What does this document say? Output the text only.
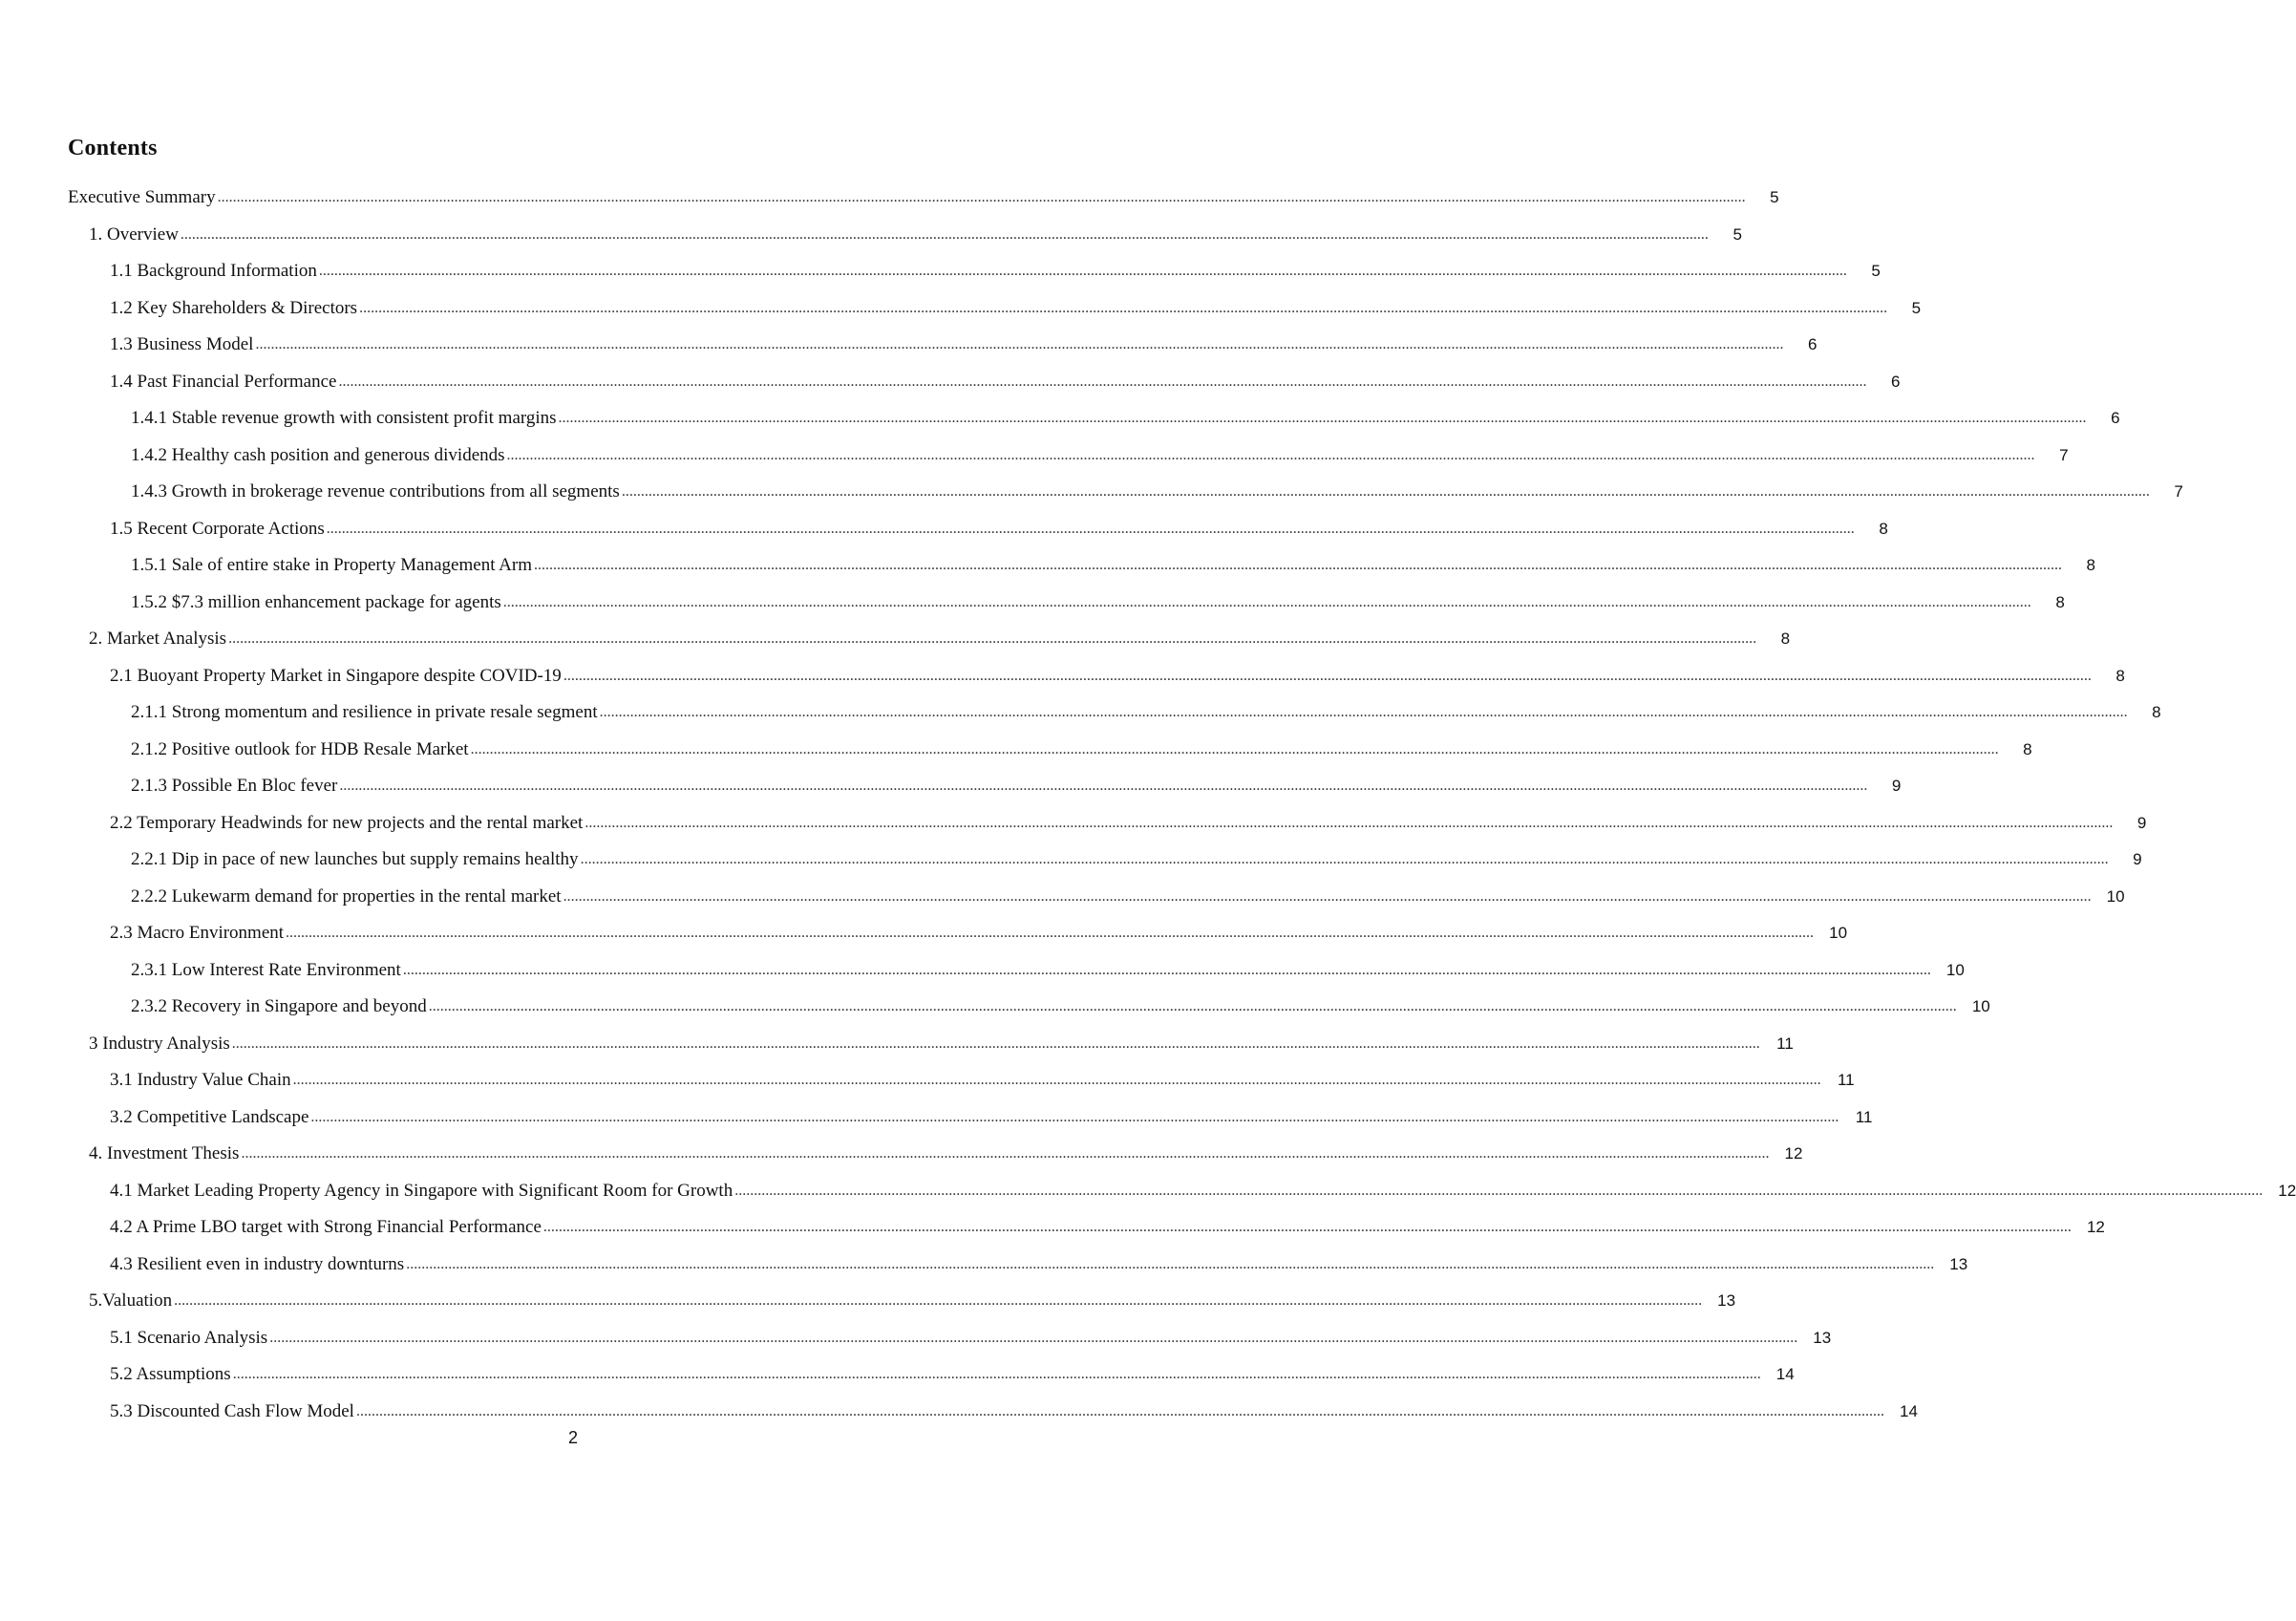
Contents
Executive Summary ................................................................................................................................................................................................................................................................................................................................................................................................................	5
1. Overview ................................................................................................................................................................................................................................................................................................................................................................................................................	5
1.1 Background Information ................................................................................................................................................................................................................................................................................................................................................................................................................	5
1.2 Key Shareholders & Directors ................................................................................................................................................................................................................................................................................................................................................................................................................	5
1.3 Business Model ................................................................................................................................................................................................................................................................................................................................................................................................................	6
1.4 Past Financial Performance ................................................................................................................................................................................................................................................................................................................................................................................................................	6
1.4.1 Stable revenue growth with consistent profit margins ................................................................................................................................................................................................................................................................................................................................................................................................................	6
1.4.2 Healthy cash position and generous dividends ................................................................................................................................................................................................................................................................................................................................................................................................................	7
1.4.3 Growth in brokerage revenue contributions from all segments ................................................................................................................................................................................................................................................................................................................................................................................................................	7
1.5 Recent Corporate Actions ................................................................................................................................................................................................................................................................................................................................................................................................................	8
1.5.1 Sale of entire stake in Property Management Arm ................................................................................................................................................................................................................................................................................................................................................................................................................	8
1.5.2 $7.3 million enhancement package for agents ................................................................................................................................................................................................................................................................................................................................................................................................................	8
2. Market Analysis ................................................................................................................................................................................................................................................................................................................................................................................................................	8
2.1 Buoyant Property Market in Singapore despite COVID-19 ................................................................................................................................................................................................................................................................................................................................................................................................................	8
2.1.1 Strong momentum and resilience in private resale segment ................................................................................................................................................................................................................................................................................................................................................................................................................	8
2.1.2 Positive outlook for HDB Resale Market ................................................................................................................................................................................................................................................................................................................................................................................................................	8
2.1.3 Possible En Bloc fever ................................................................................................................................................................................................................................................................................................................................................................................................................	9
2.2 Temporary Headwinds for new projects and the rental market ................................................................................................................................................................................................................................................................................................................................................................................................................	9
2.2.1 Dip in pace of new launches but supply remains healthy ................................................................................................................................................................................................................................................................................................................................................................................................................	9
2.2.2 Lukewarm demand for properties in the rental market ................................................................................................................................................................................................................................................................................................................................................................................................................ 10
2.3 Macro Environment ................................................................................................................................................................................................................................................................................................................................................................................................................ 10
2.3.1 Low Interest Rate Environment ................................................................................................................................................................................................................................................................................................................................................................................................................ 10
2.3.2 Recovery in Singapore and beyond ................................................................................................................................................................................................................................................................................................................................................................................................................ 10
3 Industry Analysis ................................................................................................................................................................................................................................................................................................................................................................................................................	11
3.1 Industry Value Chain ................................................................................................................................................................................................................................................................................................................................................................................................................	11
3.2 Competitive Landscape ................................................................................................................................................................................................................................................................................................................................................................................................................	11
4. Investment Thesis ................................................................................................................................................................................................................................................................................................................................................................................................................ 12
4.1 Market Leading Property Agency in Singapore with Significant Room for Growth ................................................................................................................................................................................................................................................................................................................................................................................................................ 12
4.2 A Prime LBO target with Strong Financial Performance ................................................................................................................................................................................................................................................................................................................................................................................................................ 12
4.3 Resilient even in industry downturns ................................................................................................................................................................................................................................................................................................................................................................................................................ 13
5.Valuation ................................................................................................................................................................................................................................................................................................................................................................................................................ 13
5.1 Scenario Analysis ................................................................................................................................................................................................................................................................................................................................................................................................................ 13
5.2 Assumptions ................................................................................................................................................................................................................................................................................................................................................................................................................ 14
5.3 Discounted Cash Flow Model ................................................................................................................................................................................................................................................................................................................................................................................................................ 14

2
